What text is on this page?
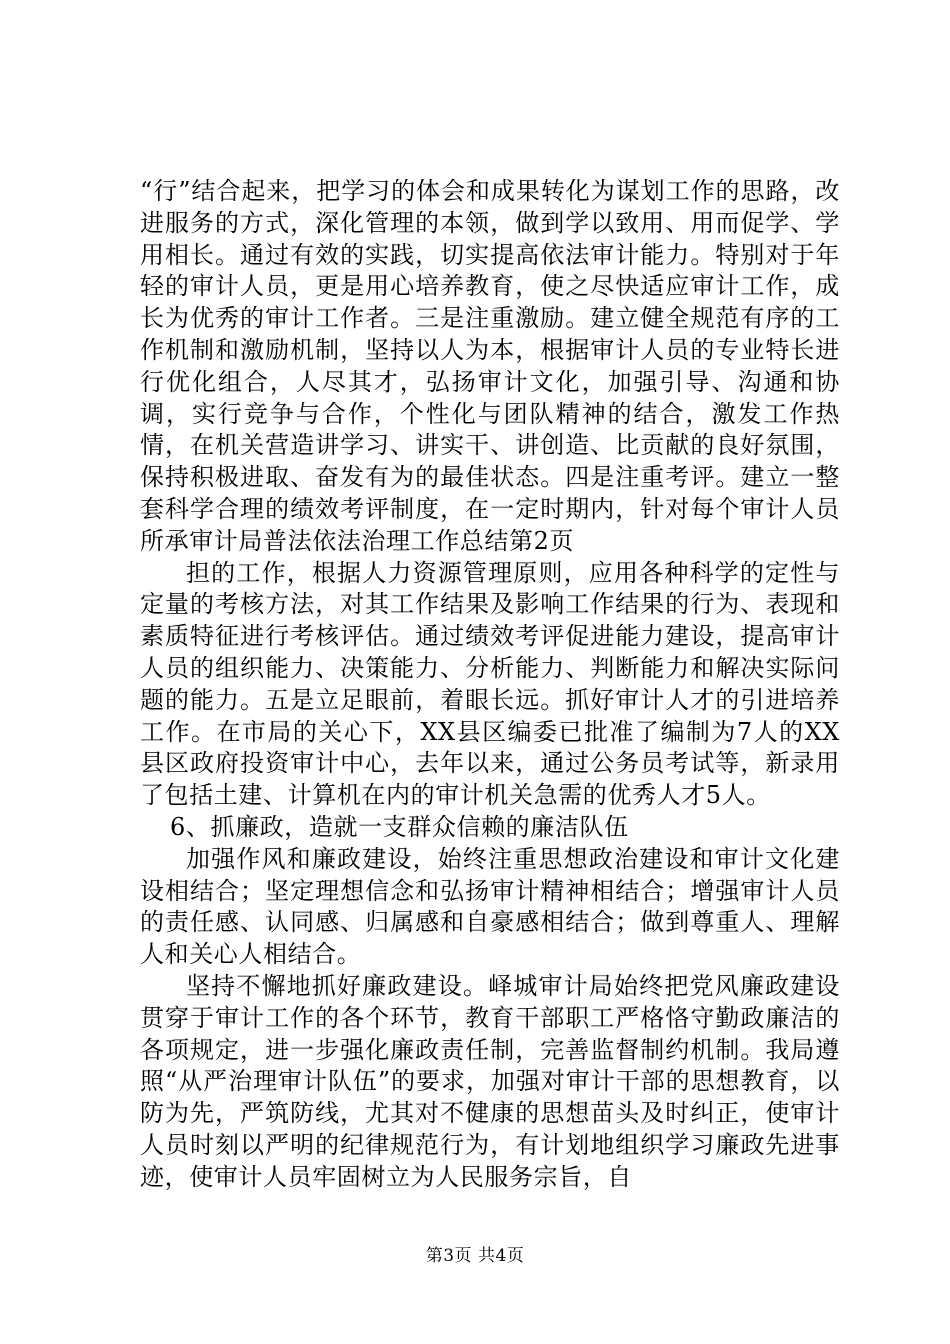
“行”结合起来，把学习的体会和成果转化为谋划工作的思路，改进服务的方式，深化管理的本领，做到学以致用、用而促学、学用相长。通过有效的实践，切实提高依法审计能力。特别对于年轻的审计人员，更是用心培养教育，使之尽快适应审计工作，成长为优秀的审计工作者。三是注重激励。建立健全规范有序的工作机制和激励机制，坚持以人为本，根据审计人员的专业特长进行优化组合，人尽其才，弘扬审计文化，加强引导、沟通和协调，实行竞争与合作，个性化与团队精神的结合，激发工作热情，在机关营造讲学习、讲实干、讲创造、比贡献的良好氛围，保持积极进取、奋发有为的最佳状态。四是注重考评。建立一整套科学合理的绩效考评制度，在一定时期内，针对每个审计人员所承审计局普法依法治理工作总结第2页

担的工作，根据人力资源管理原则，应用各种科学的定性与定量的考核方法，对其工作结果及影响工作结果的行为、表现和素质特征进行考核评估。通过绩效考评促进能力建设，提高审计人员的组织能力、决策能力、分析能力、判断能力和解决实际问题的能力。五是立足眼前，着眼长远。抓好审计人才的引进培养工作。在市局的关心下，XX县区编委已批准了编制为7人的XX县区政府投资审计中心，去年以来，通过公务员考试等，新录用了包括土建、计算机在内的审计机关急需的优秀人才5人。

6、抓廉政，造就一支群众信赖的廉洁队伍

加强作风和廉政建设，始终注重思想政治建设和审计文化建设相结合；坚定理想信念和弘扬审计精神相结合；增强审计人员的责任感、认同感、归属感和自豪感相结合；做到尊重人、理解人和关心人相结合。

坚持不懈地抓好廉政建设。峄城审计局始终把党风廉政建设贯穿于审计工作的各个环节，教育干部职工严格恪守勤政廉洁的各项规定，进一步强化廉政责任制，完善监督制约机制。我局遵照“从严治理审计队伍”的要求，加强对审计干部的思想教育，以防为先，严筑防线，尤其对不健康的思想苗头及时纠正，使审计人员时刻以严明的纪律规范行为，有计划地组织学习廉政先进事迹，使审计人员牢固树立为人民服务宗旨，自

第3页 共4页
